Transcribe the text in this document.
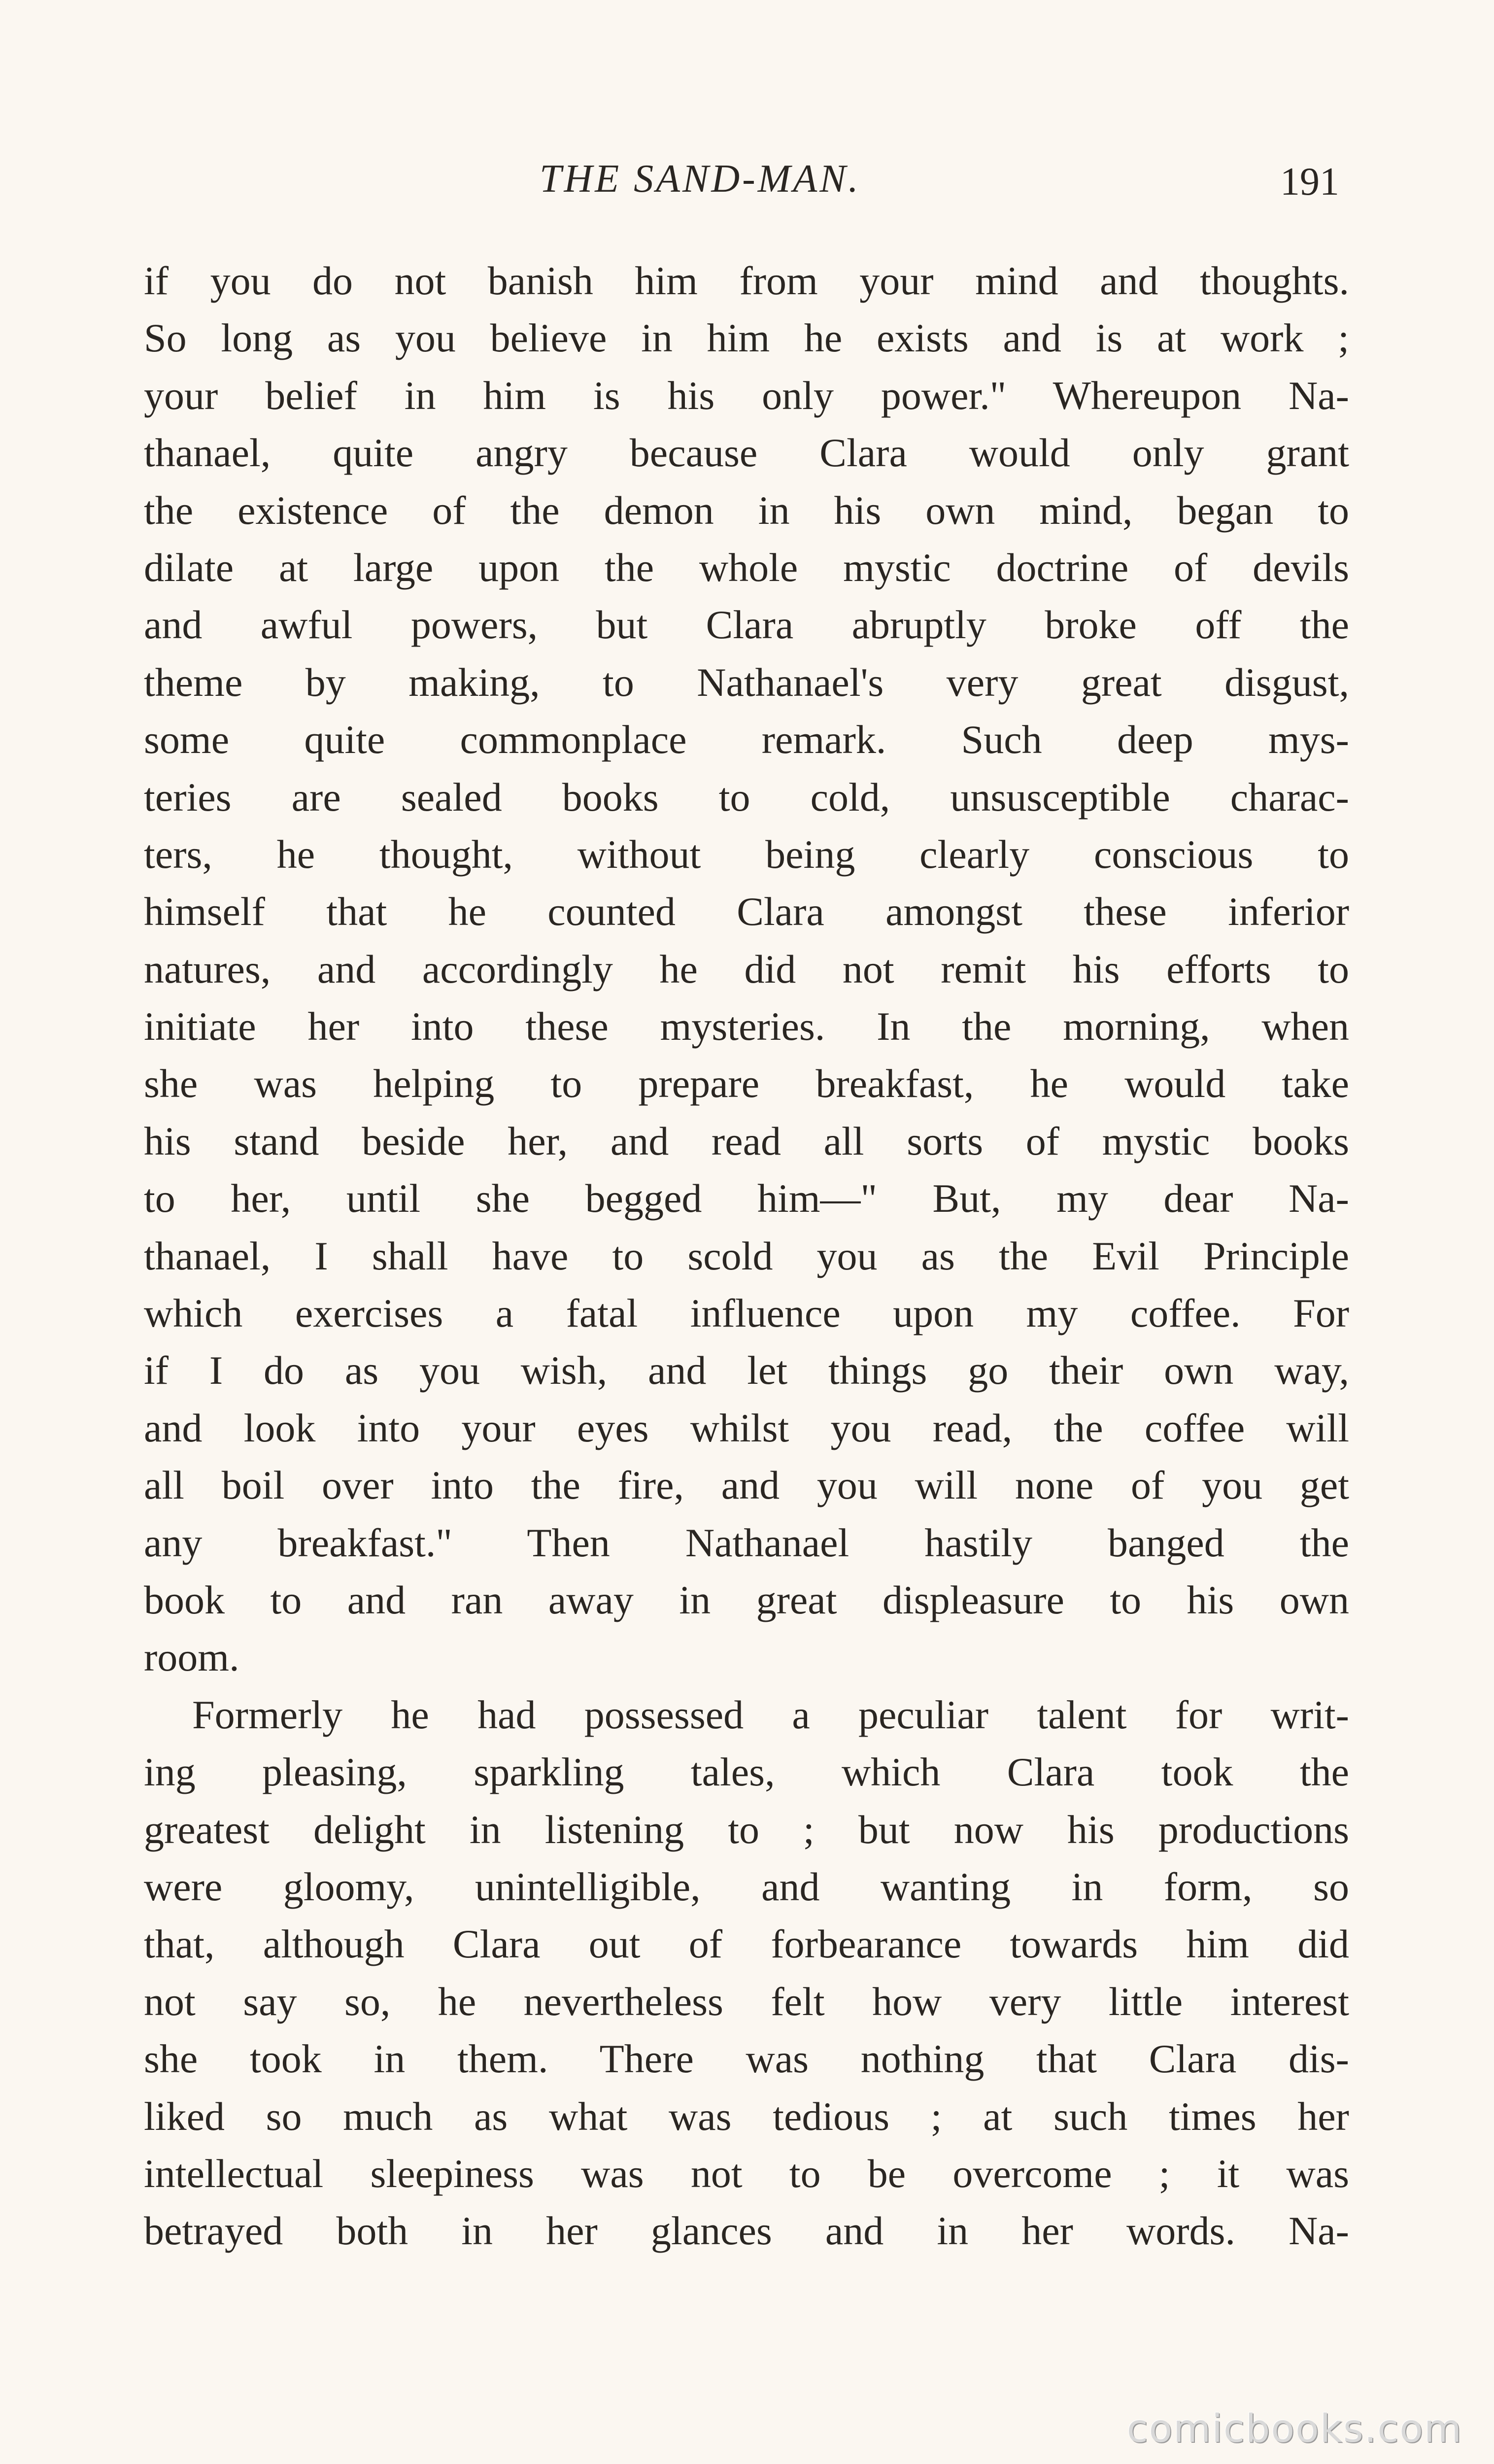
THE SAND-MAN.	191
if you do not banish him from your mind and thoughts.
So long as you believe in him he exists and is at work ;
your belief in him is his only power." Whereupon Na-
thanael, quite angry because Clara would only grant
the existence of the demon in his own mind, began to
dilate at large upon the whole mystic doctrine of devils
and awful powers, but Clara abruptly broke off the
theme by making, to Nathanael's very great disgust,
some quite commonplace remark. Such deep mys-
teries are sealed books to cold, unsusceptible charac-
ters, he thought, without being clearly conscious to
himself that he counted Clara amongst these inferior
natures, and accordingly he did not remit his efforts to
initiate her into these mysteries. In the morning, when
she was helping to prepare breakfast, he would take
his stand beside her, and read all sorts of mystic books
to her, until she begged him—" But, my dear Na‑
thanael, I shall have to scold you as the Evil Principle
which exercises a fatal influence upon my coffee. For
if I do as you wish, and let things go their own way,
and look into your eyes whilst you read, the coffee will
all boil over into the fire, and you will none of you get
any breakfast." Then Nathanael hastily banged the
book to and ran away in great displeasure to his own
room.
Formerly he had possessed a peculiar talent for writ-
ing pleasing, sparkling tales, which Clara took the
greatest delight in listening to ; but now his productions
were gloomy, unintelligible, and wanting in form, so
that, although Clara out of forbearance towards him did
not say so, he nevertheless felt how very little interest
she took in them. There was nothing that Clara dis-
liked so much as what was tedious ; at such times her
intellectual sleepiness was not to be overcome ; it was
betrayed both in her glances and in her words. Na-
comicbooks.com
